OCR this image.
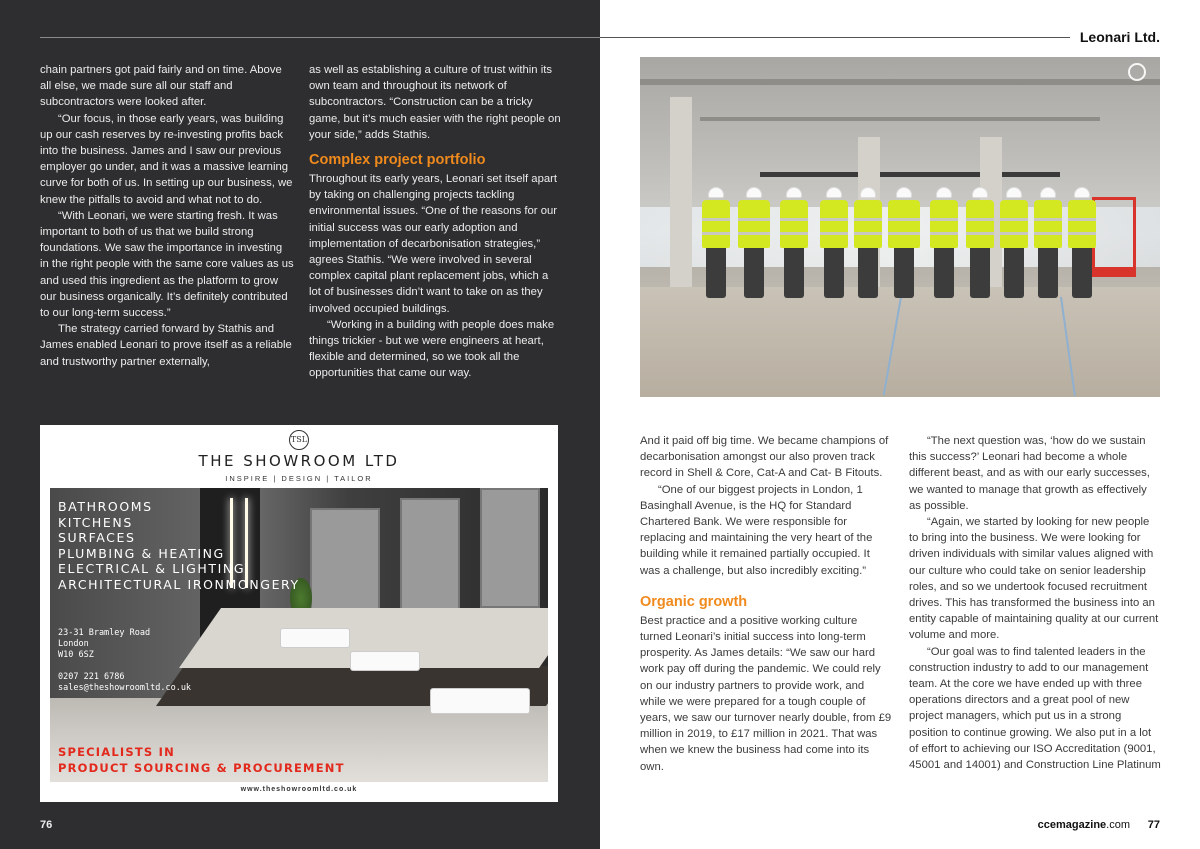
Leonari Ltd.

chain partners got paid fairly and on time. Above all else, we made sure all our staff and subcontractors were looked after.

“Our focus, in those early years, was building up our cash reserves by re-investing profits back into the business. James and I saw our previous employer go under, and it was a massive learning curve for both of us. In setting up our business, we knew the pitfalls to avoid and what not to do.

“With Leonari, we were starting fresh. It was important to both of us that we build strong foundations. We saw the importance in investing in the right people with the same core values as us and used this ingredient as the platform to grow our business organically. It’s definitely contributed to our long-term success.”

The strategy carried forward by Stathis and James enabled Leonari to prove itself as a reliable and trustworthy partner externally,

as well as establishing a culture of trust within its own team and throughout its network of subcontractors. “Construction can be a tricky game, but it’s much easier with the right people on your side,” adds Stathis.

Complex project portfolio

Throughout its early years, Leonari set itself apart by taking on challenging projects tackling environmental issues. “One of the reasons for our initial success was our early adoption and implementation of decarbonisation strategies,” agrees Stathis. “We were involved in several complex capital plant replacement jobs, which a lot of businesses didn’t want to take on as they involved occupied buildings.

“Working in a building with people does make things trickier - but we were engineers at heart, flexible and determined, so we took all the opportunities that came our way.

TSL
THE SHOWROOM LTD
INSPIRE | DESIGN | TAILOR
BATHROOMS
KITCHENS
SURFACES
PLUMBING & HEATING
ELECTRICAL & LIGHTING
ARCHITECTURAL IRONMONGERY
23-31 Bramley Road
London
W10 6SZ
0207 221 6786
sales@theshowroomltd.co.uk
SPECIALISTS IN
PRODUCT SOURCING & PROCUREMENT
www.theshowroomltd.co.uk
76

And it paid off big time. We became champions of decarbonisation amongst our also proven track record in Shell & Core, Cat-A and Cat- B Fitouts.

“One of our biggest projects in London, 1 Basinghall Avenue, is the HQ for Standard Chartered Bank. We were responsible for replacing and maintaining the very heart of the building while it remained partially occupied. It was a challenge, but also incredibly exciting.”

Organic growth

Best practice and a positive working culture turned Leonari’s initial success into long-term prosperity. As James details: “We saw our hard work pay off during the pandemic. We could rely on our industry partners to provide work, and while we were prepared for a tough couple of years, we saw our turnover nearly double, from £9 million in 2019, to £17 million in 2021. That was when we knew the business had come into its own.

“The next question was, ‘how do we sustain this success?’ Leonari had become a whole different beast, and as with our early successes, we wanted to manage that growth as effectively as possible.

“Again, we started by looking for new people to bring into the business. We were looking for driven individuals with similar values aligned with our culture who could take on senior leadership roles, and so we undertook focused recruitment drives. This has transformed the business into an entity capable of maintaining quality at our current volume and more.

“Our goal was to find talented leaders in the construction industry to add to our management team. At the core we have ended up with three operations directors and a great pool of new project managers, which put us in a strong position to continue growing. We also put in a lot of effort to achieving our ISO Accreditation (9001, 45001 and 14001) and Construction Line Platinum

ccemagazine.com 77
